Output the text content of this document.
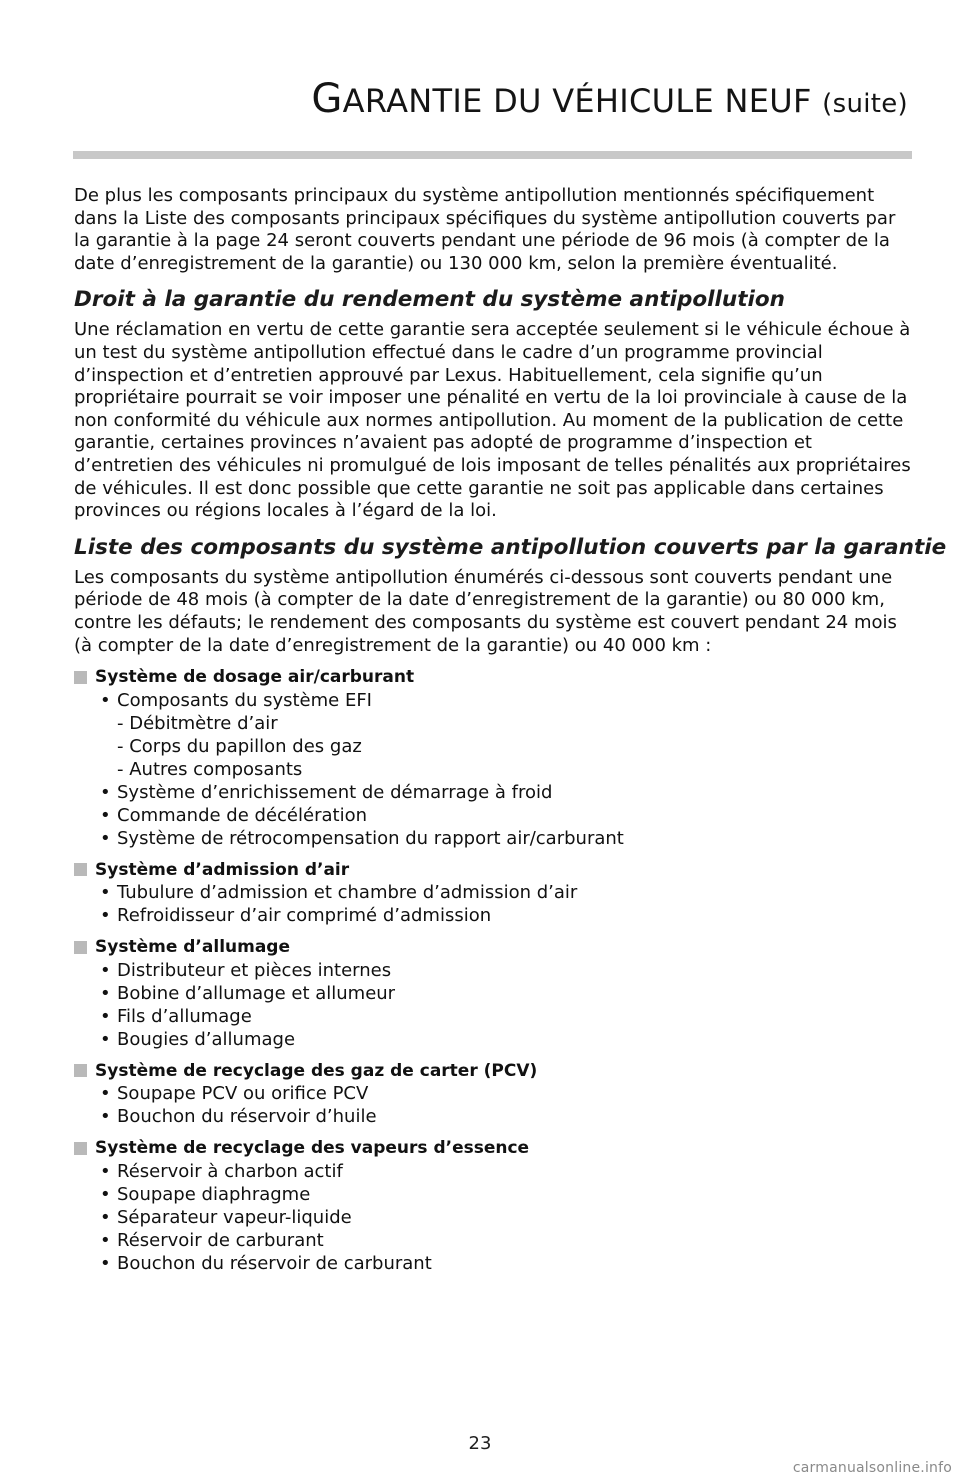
GARANTIE DU VÉHICULE NEUF (suite)

De plus les composants principaux du système antipollution mentionnés spécifiquement dans la Liste des composants principaux spécifiques du système antipollution couverts par la garantie à la page 24 seront couverts pendant une période de 96 mois (à compter de la date d’enregistrement de la garantie) ou 130 000 km, selon la première éventualité.

Droit à la garantie du rendement du système antipollution

Une réclamation en vertu de cette garantie sera acceptée seulement si le véhicule échoue à un test du système antipollution effectué dans le cadre d’un programme provincial d’inspection et d’entretien approuvé par Lexus. Habituellement, cela signifie qu’un propriétaire pourrait se voir imposer une pénalité en vertu de la loi provinciale à cause de la non conformité du véhicule aux normes antipollution. Au moment de la publication de cette garantie, certaines provinces n’avaient pas adopté de programme d’inspection et d’entretien des véhicules ni promulgué de lois imposant de telles pénalités aux propriétaires de véhicules. Il est donc possible que cette garantie ne soit pas applicable dans certaines provinces ou régions locales à l’égard de la loi.

Liste des composants du système antipollution couverts par la garantie

Les composants du système antipollution énumérés ci-dessous sont couverts pendant une période de 48 mois (à compter de la date d’enregistrement de la garantie) ou 80 000 km, contre les défauts; le rendement des composants du système est couvert pendant 24 mois (à compter de la date d’enregistrement de la garantie) ou 40 000 km :

Système de dosage air/carburant
• Composants du système EFI
- Débitmètre d’air
- Corps du papillon des gaz
- Autres composants
• Système d’enrichissement de démarrage à froid
• Commande de décélération
• Système de rétrocompensation du rapport air/carburant
Système d’admission d’air
• Tubulure d’admission et chambre d’admission d’air
• Refroidisseur d’air comprimé d’admission
Système d’allumage
• Distributeur et pièces internes
• Bobine d’allumage et allumeur
• Fils d’allumage
• Bougies d’allumage
Système de recyclage des gaz de carter (PCV)
• Soupape PCV ou orifice PCV
• Bouchon du réservoir d’huile
Système de recyclage des vapeurs d’essence
• Réservoir à charbon actif
• Soupape diaphragme
• Séparateur vapeur-liquide
• Réservoir de carburant
• Bouchon du réservoir de carburant
23
carmanualsonline.info
